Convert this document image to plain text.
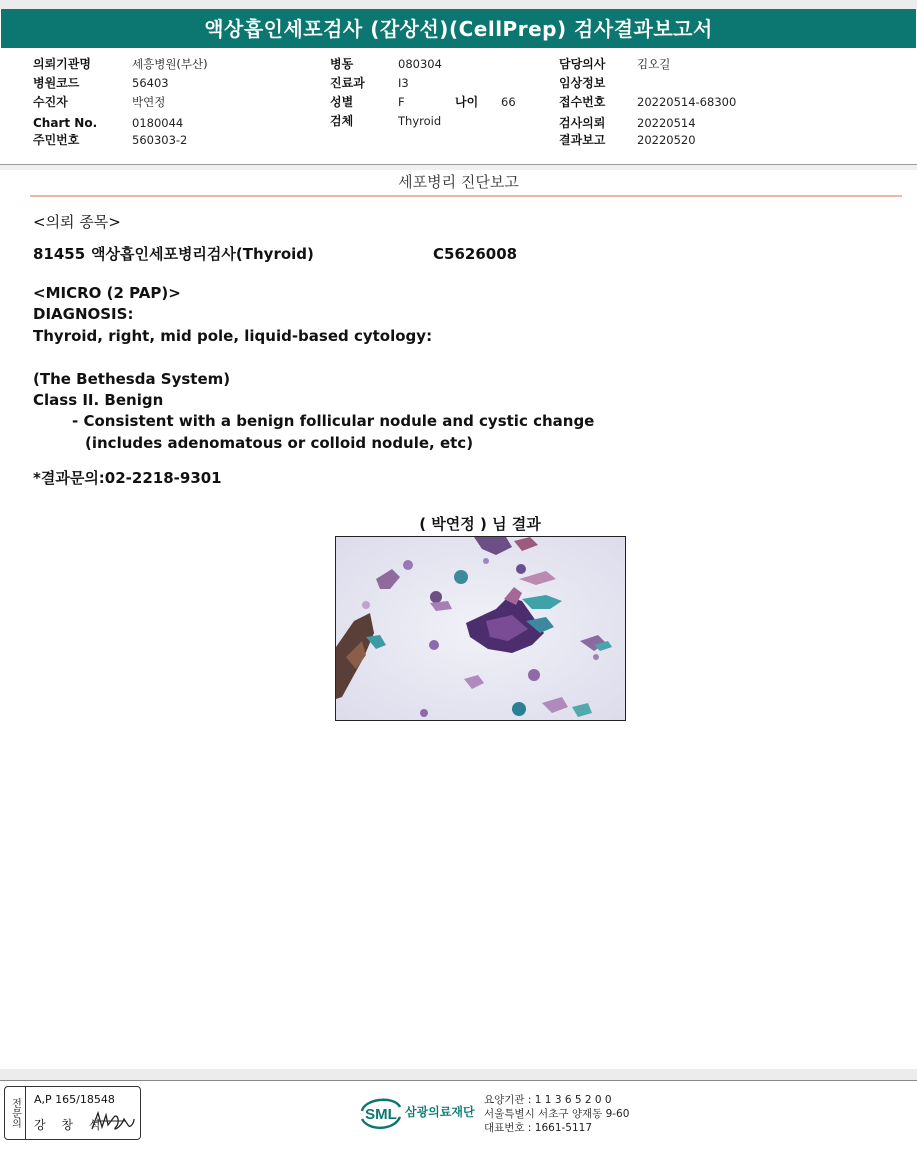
액상흡인세포검사 (갑상선)(CellPrep) 검사결과보고서
의뢰기관명	세흥병원(부산)
병원코드	56403
수진자	박연정
Chart No.	0180044
주민번호	560303-2
병동	080304
진료과	I3
성별	F	나이 66
검체	Thyroid
담당의사	김오길
임상정보
접수번호	20220514-68300
검사의뢰	20220514
결과보고	20220520
세포병리 진단보고
<의뢰 종목>
81455 액상흡인세포병리검사(Thyroid)	C5626008
<MICRO (2 PAP)>
DIAGNOSIS:
Thyroid, right, mid pole, liquid-based cytology:
(The Bethesda System)
Class II. Benign
- Consistent with a benign follicular nodule and cystic change
(includes adenomatous or colloid nodule, etc)
*결과문의:02-2218-9301
( 박연정 ) 님 결과
전문의 A,P 165/18548
강 창 석
SML 삼광의료재단
요양기관 : 1 1 3 6 5 2 0 0
서울특별시 서초구 양재동 9-60
대표번호 : 1661-5117
